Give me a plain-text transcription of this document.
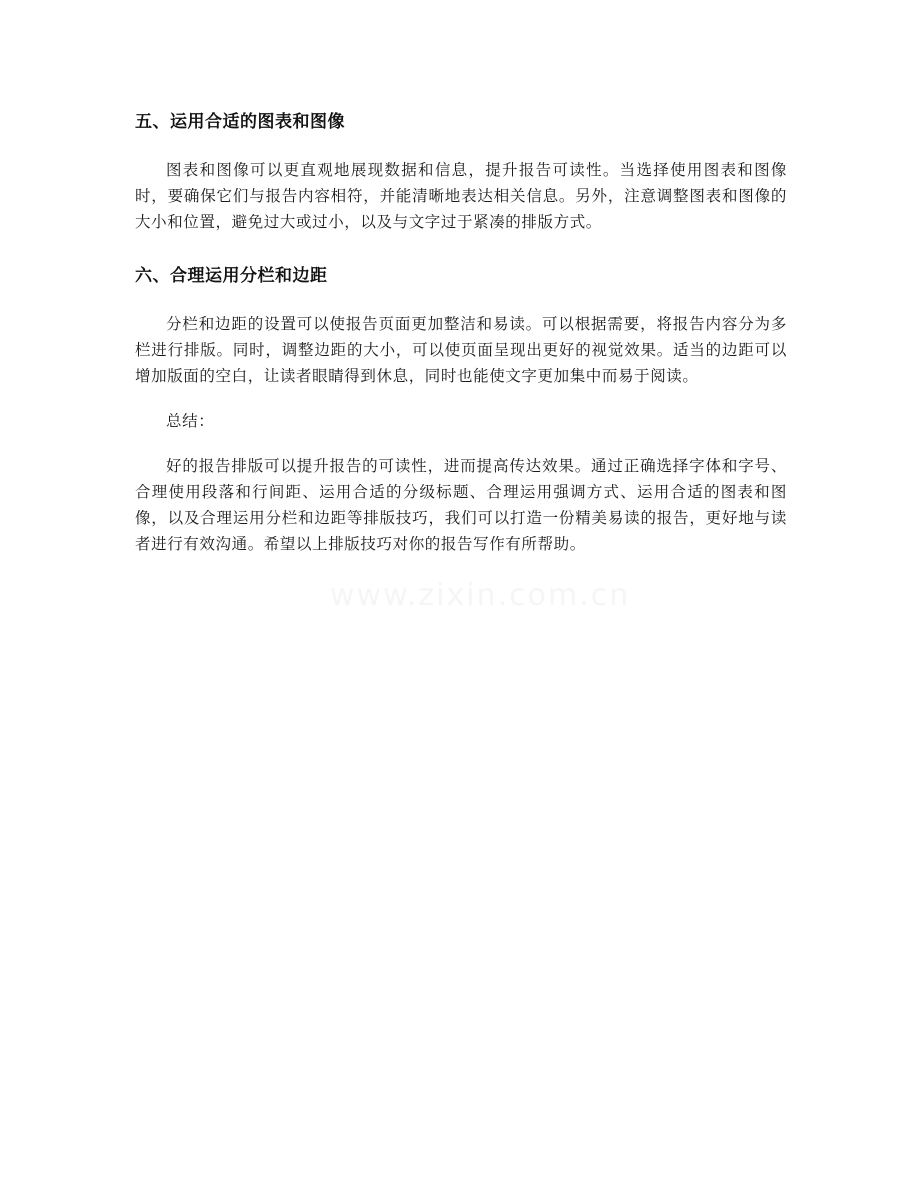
五、运用合适的图表和图像

图表和图像可以更直观地展现数据和信息，提升报告可读性。当选择使用图表和图像时，要确保它们与报告内容相符，并能清晰地表达相关信息。另外，注意调整图表和图像的大小和位置，避免过大或过小，以及与文字过于紧凑的排版方式。

六、合理运用分栏和边距

分栏和边距的设置可以使报告页面更加整洁和易读。可以根据需要，将报告内容分为多栏进行排版。同时，调整边距的大小，可以使页面呈现出更好的视觉效果。适当的边距可以增加版面的空白，让读者眼睛得到休息，同时也能使文字更加集中而易于阅读。

总结：

好的报告排版可以提升报告的可读性，进而提高传达效果。通过正确选择字体和字号、合理使用段落和行间距、运用合适的分级标题、合理运用强调方式、运用合适的图表和图像，以及合理运用分栏和边距等排版技巧，我们可以打造一份精美易读的报告，更好地与读者进行有效沟通。希望以上排版技巧对你的报告写作有所帮助。
